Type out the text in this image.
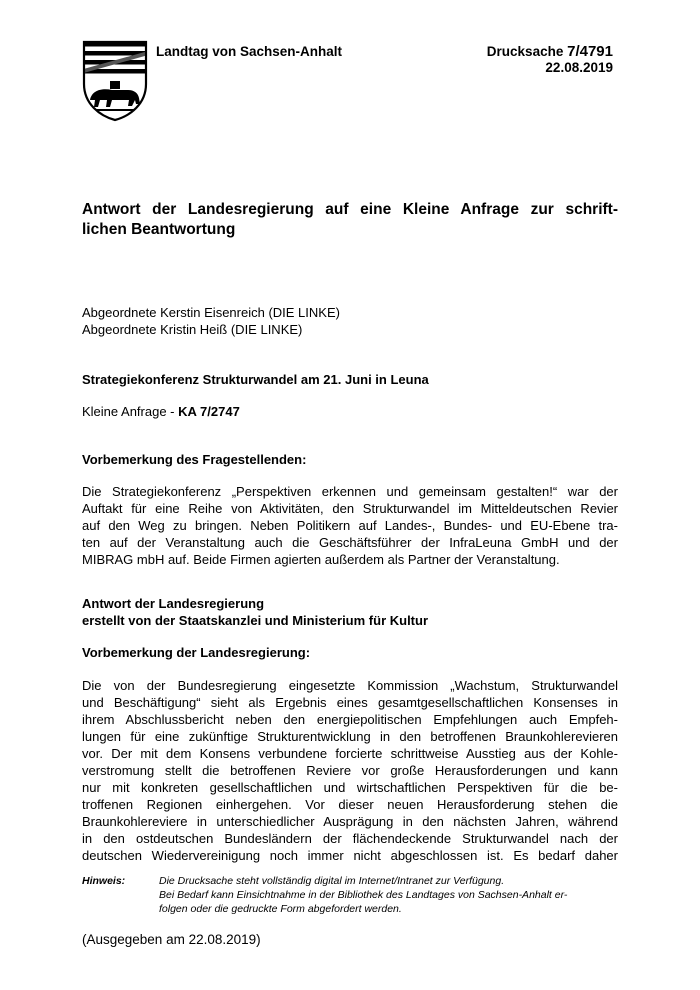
Landtag von Sachsen-Anhalt	Drucksache 7/4791
22.08.2019
Antwort der Landesregierung auf eine Kleine Anfrage zur schrift-
lichen Beantwortung
Abgeordnete Kerstin Eisenreich (DIE LINKE)
Abgeordnete Kristin Heiß (DIE LINKE)
Strategiekonferenz Strukturwandel am 21. Juni in Leuna
Kleine Anfrage - KA 7/2747
Vorbemerkung des Fragestellenden:

Die Strategiekonferenz „Perspektiven erkennen und gemeinsam gestalten!“ war der

Auftakt für eine Reihe von Aktivitäten, den Strukturwandel im Mitteldeutschen Revier

auf den Weg zu bringen. Neben Politikern auf Landes-, Bundes- und EU-Ebene tra-

ten auf der Veranstaltung auch die Geschäftsführer der InfraLeuna GmbH und der

MIBRAG mbH auf. Beide Firmen agierten außerdem als Partner der Veranstaltung.

Antwort der Landesregierung
erstellt von der Staatskanzlei und Ministerium für Kultur
Vorbemerkung der Landesregierung:

Die von der Bundesregierung eingesetzte Kommission „Wachstum, Strukturwandel

und Beschäftigung“ sieht als Ergebnis eines gesamtgesellschaftlichen Konsenses in

ihrem Abschlussbericht neben den energiepolitischen Empfehlungen auch Empfeh-

lungen für eine zukünftige Strukturentwicklung in den betroffenen Braunkohlerevieren

vor. Der mit dem Konsens verbundene forcierte schrittweise Ausstieg aus der Kohle-

verstromung stellt die betroffenen Reviere vor große Herausforderungen und kann

nur mit konkreten gesellschaftlichen und wirtschaftlichen Perspektiven für die be-

troffenen Regionen einhergehen. Vor dieser neuen Herausforderung stehen die

Braunkohlereviere in unterschiedlicher Ausprägung in den nächsten Jahren, während

in den ostdeutschen Bundesländern der flächendeckende Strukturwandel nach der

deutschen Wiedervereinigung noch immer nicht abgeschlossen ist. Es bedarf daher

Hinweis:	Die Drucksache steht vollständig digital im Internet/Intranet zur Verfügung.
Bei Bedarf kann Einsichtnahme in der Bibliothek des Landtages von Sachsen-Anhalt er-
folgen oder die gedruckte Form abgefordert werden.
(Ausgegeben am 22.08.2019)
